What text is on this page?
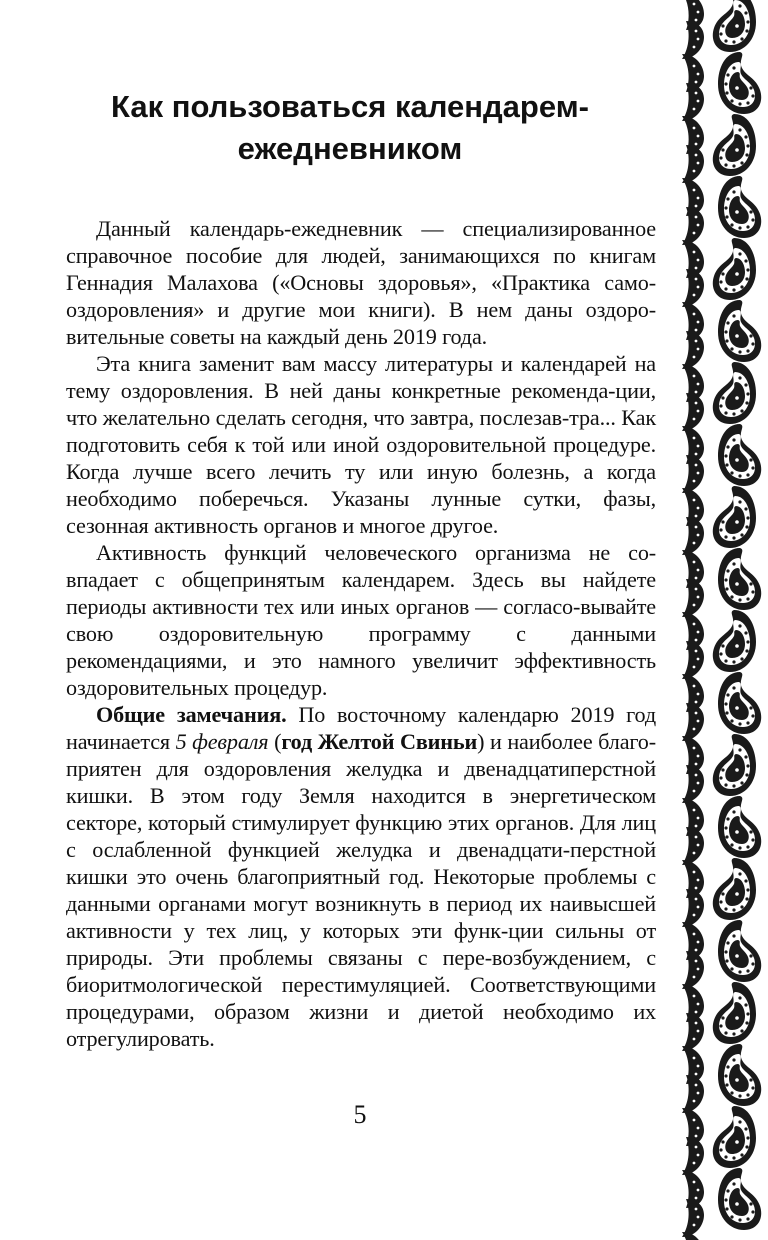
Как пользоваться календарем-
ежедневником

Данный календарь-ежедневник — специализированное справочное пособие для людей, занимающихся по книгам Геннадия Малахова («Основы здоровья», «Практика само-оздоровления» и другие мои книги). В нем даны оздоро-вительные советы на каждый день 2019 года.

Эта книга заменит вам массу литературы и календарей на тему оздоровления. В ней даны конкретные рекоменда-ции, что желательно сделать сегодня, что завтра, послезав-тра... Как подготовить себя к той или иной оздоровительной процедуре. Когда лучше всего лечить ту или иную болезнь, а когда необходимо поберечься. Указаны лунные сутки, фазы, сезонная активность органов и многое другое.

Активность функций человеческого организма не со-впадает с общепринятым календарем. Здесь вы найдете периоды активности тех или иных органов — согласо-вывайте свою оздоровительную программу с данными рекомендациями, и это намного увеличит эффективность оздоровительных процедур.

Общие замечания. По восточному календарю 2019 год начинается 5 февраля (год Желтой Свиньи) и наиболее благо-приятен для оздоровления желудка и двенадцатиперстной кишки. В этом году Земля находится в энергетическом секторе, который стимулирует функцию этих органов. Для лиц с ослабленной функцией желудка и двенадцати-перстной кишки это очень благоприятный год. Некоторые проблемы с данными органами могут возникнуть в период их наивысшей активности у тех лиц, у которых эти функ-ции сильны от природы. Эти проблемы связаны с пере-возбуждением, с биоритмологической перестимуляцией. Соответствующими процедурами, образом жизни и диетой необходимо их отрегулировать.

5
